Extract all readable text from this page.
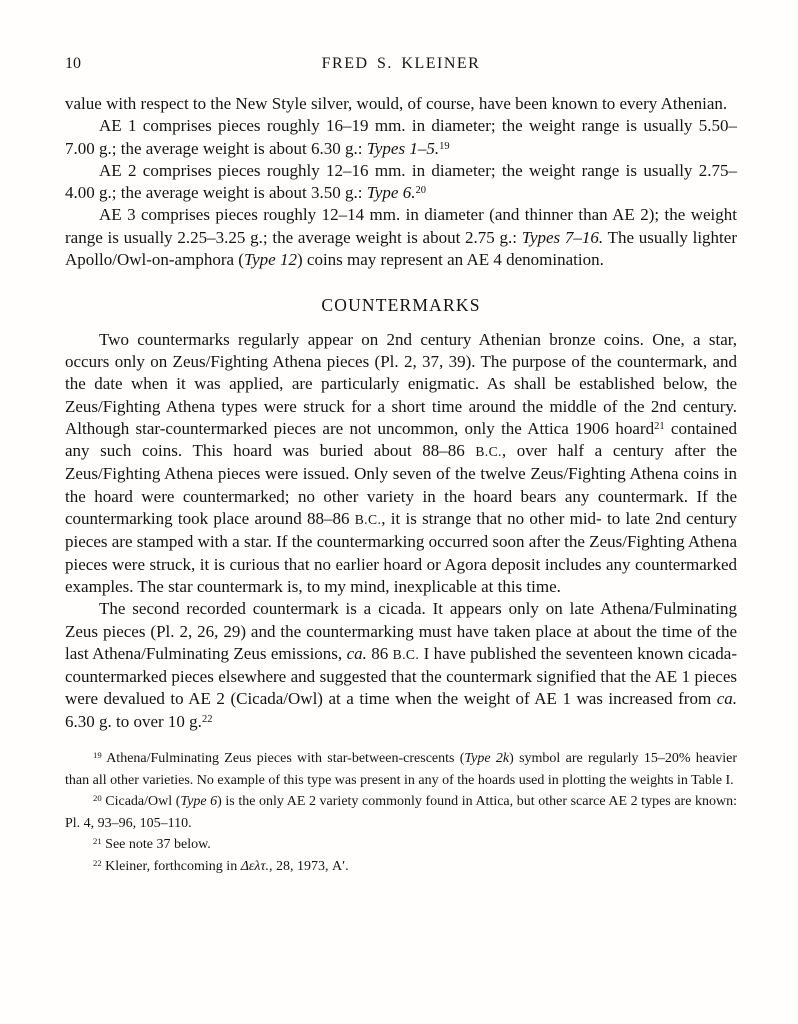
10	FRED S. KLEINER

value with respect to the New Style silver, would, of course, have been known to every Athenian.

AE 1 comprises pieces roughly 16–19 mm. in diameter; the weight range is usually 5.50–7.00 g.; the average weight is about 6.30 g.: Types 1–5.19

AE 2 comprises pieces roughly 12–16 mm. in diameter; the weight range is usually 2.75–4.00 g.; the average weight is about 3.50 g.: Type 6.20

AE 3 comprises pieces roughly 12–14 mm. in diameter (and thinner than AE 2); the weight range is usually 2.25–3.25 g.; the average weight is about 2.75 g.: Types 7–16. The usually lighter Apollo/Owl-on-amphora (Type 12) coins may represent an AE 4 denomination.

COUNTERMARKS

Two countermarks regularly appear on 2nd century Athenian bronze coins. One, a star, occurs only on Zeus/Fighting Athena pieces (Pl. 2, 37, 39). The purpose of the countermark, and the date when it was applied, are particularly enigmatic. As shall be established below, the Zeus/Fighting Athena types were struck for a short time around the middle of the 2nd century. Although star-countermarked pieces are not uncommon, only the Attica 1906 hoard$^{21}$ contained any such coins. This hoard was buried about 88–86 B.C., over half a century after the Zeus/Fighting Athena pieces were issued. Only seven of the twelve Zeus/Fighting Athena coins in the hoard were countermarked; no other variety in the hoard bears any countermark. If the countermarking took place around 88–86 B.C., it is strange that no other mid- to late 2nd century pieces are stamped with a star. If the countermarking occurred soon after the Zeus/Fighting Athena pieces were struck, it is curious that no earlier hoard or Agora deposit includes any countermarked examples. The star countermark is, to my mind, inexplicable at this time.

The second recorded countermark is a cicada. It appears only on late Athena/Fulminating Zeus pieces (Pl. 2, 26, 29) and the countermarking must have taken place at about the time of the last Athena/Fulminating Zeus emissions, ca. 86 B.C. I have published the seventeen known cicada-countermarked pieces elsewhere and suggested that the countermark signified that the AE 1 pieces were devalued to AE 2 (Cicada/Owl) at a time when the weight of AE 1 was increased from ca. 6.30 g. to over 10 g.$^{22}$

$^{19}$ Athena/Fulminating Zeus pieces with star-between-crescents (Type 2k) symbol are regularly 15–20% heavier than all other varieties. No example of this type was present in any of the hoards used in plotting the weights in Table I.

$^{20}$ Cicada/Owl (Type 6) is the only AE 2 variety commonly found in Attica, but other scarce AE 2 types are known: Pl. 4, 93–96, 105–110.

$^{21}$ See note 37 below.

$^{22}$ Kleiner, forthcoming in Δελτ., 28, 1973, A′.
